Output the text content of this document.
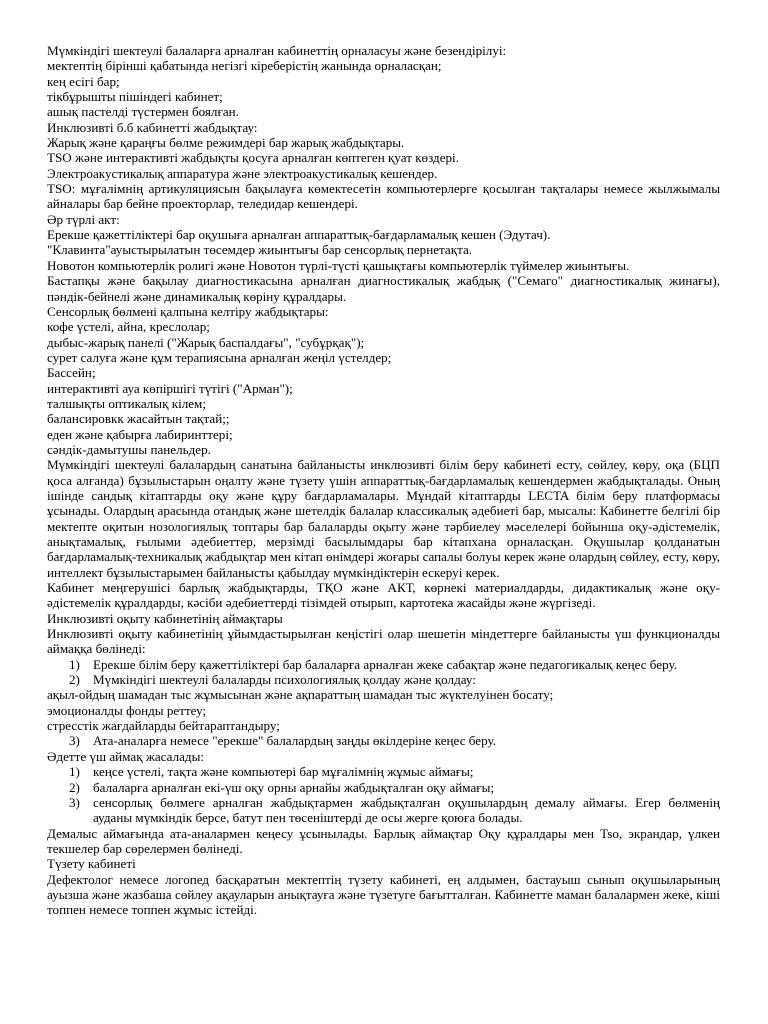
Мүмкіндігі шектеулі балаларға арналған кабинеттің орналасуы және безендірілуі:

мектептің бірінші қабатында негізгі кіреберістің жанында орналасқан;

кең есігі бар;

тікбұрышты пішіндегі кабинет;

ашық пастелді түстермен боялған.

Инклюзивті б.б кабинетті жабдықтау:

Жарық және қараңғы бөлме режимдері бар жарық жабдықтары.

TSO және интерактивті жабдықты қосуға арналған көптеген қуат көздері.

Электроакустикалық аппаратура және электроакустикалық кешендер.

TSO: мұғалімнің артикуляциясын бақылауға көмектесетін компьютерлерге қосылған тақталары немесе жылжымалы айналары бар бейне проекторлар, теледидар кешендері.

Әр түрлі акт:

Ерекше қажеттіліктері бар оқушыға арналған аппараттық-бағдарламалық кешен (Эдутач).

"Клавинта"ауыстырылатын төсемдер жиынтығы бар сенсорлық пернетақта.

Новотон компьютерлік ролигі және Новотон түрлі-түсті қашықтағы компьютерлік түймелер жиынтығы.

Бастапқы және бақылау диагностикасына арналған диагностикалық жабдық ("Семаго" диагностикалық жинағы), пәндік-бейнелі және динамикалық көріну құралдары.

Сенсорлық бөлмені қалпына келтіру жабдықтары:

кофе үстелі, айна, креслолар;

дыбыс-жарық панелі ("Жарық баспалдағы", "субұрқақ");

сурет салуға және құм терапиясына арналған жеңіл үстелдер;

Бассейн;

интерактивті ауа көпіршігі түтігі ("Арман");

талшықты оптикалық кілем;

балансировкк жасайтын тақтай;;

еден және қабырға лабиринттері;

сәндік-дамытушы панельдер.

Мүмкіндігі шектеулі балалардың санатына байланысты инклюзивті білім беру кабинеті есту, сөйлеу, көру, оқа (БЦП қоса алғанда) бұзылыстарын оңалту және түзету үшін аппараттық-бағдарламалық кешендермен жабдықталады. Оның ішінде сандық кітаптарды оқу және құру бағдарламалары. Мұндай кітаптарды LECTA білім беру платформасы ұсынады. Олардың арасында отандық және шетелдік балалар классикалық әдебиеті бар, мысалы: Кабинетте белгілі бір мектепте оқитын нозологиялық топтары бар балаларды оқыту және тәрбиелеу мәселелері бойынша оқу-әдістемелік, анықтамалық, ғылыми әдебиеттер, мерзімді басылымдары бар кітапхана орналасқан. Оқушылар қолданатын бағдарламалық-техникалық жабдықтар мен кітап өнімдері жоғары сапалы болуы керек және олардың сөйлеу, есту, көру, интеллект бұзылыстарымен байланысты қабылдау мүмкіндіктерін ескеруі керек.

Кабинет меңгерушісі барлық жабдықтарды, ТҚО және АКТ, көрнекі материалдарды, дидактикалық және оқу-әдістемелік құралдарды, кәсіби әдебиеттерді тізімдей отырып, картотека жасайды және жүргізеді.

Инклюзивті оқыту кабинетінің аймақтары

Инклюзивті оқыту кабинетінің ұйымдастырылған кеңістігі олар шешетін міндеттерге байланысты үш функционалды аймаққа бөлінеді:

1) Ерекше білім беру қажеттіліктері бар балаларға арналған жеке сабақтар және педагогикалық кеңес беру.
2) Мүмкіндігі шектеулі балаларды психологиялық қолдау және қолдау:

ақыл-ойдың шамадан тыс жұмысынан және ақпараттың шамадан тыс жүктелуінен босату;

эмоционалды фонды реттеу;

стресстік жағдайларды бейтараптандыру;

3) Ата-аналарға немесе "ерекше" балалардың заңды өкілдеріне кеңес беру.

Әдетте үш аймақ жасалады:

1) кеңсе үстелі, тақта және компьютері бар мұғалімнің жұмыс аймағы;
2) балаларға арналған екі-үш оқу орны арнайы жабдықталған оқу аймағы;
3) сенсорлық бөлмеге арналған жабдықтармен жабдықталған оқушылардың демалу аймағы. Егер бөлменің ауданы мүмкіндік берсе, батут пен төсеніштерді де осы жерге қоюға болады.

Демалыс аймағында ата-аналармен кеңесу ұсынылады. Барлық аймақтар Оқу құралдары мен Tso, экрандар, үлкен текшелер бар сөрелермен бөлінеді.

Түзету кабинеті

Дефектолог немесе логопед басқаратын мектептің түзету кабинеті, ең алдымен, бастауыш сынып оқушыларының ауызша және жазбаша сөйлеу ақауларын анықтауға және түзетуге бағытталған. Кабинетте маман балалармен жеке, кіші топпен немесе топпен жұмыс істейді.
